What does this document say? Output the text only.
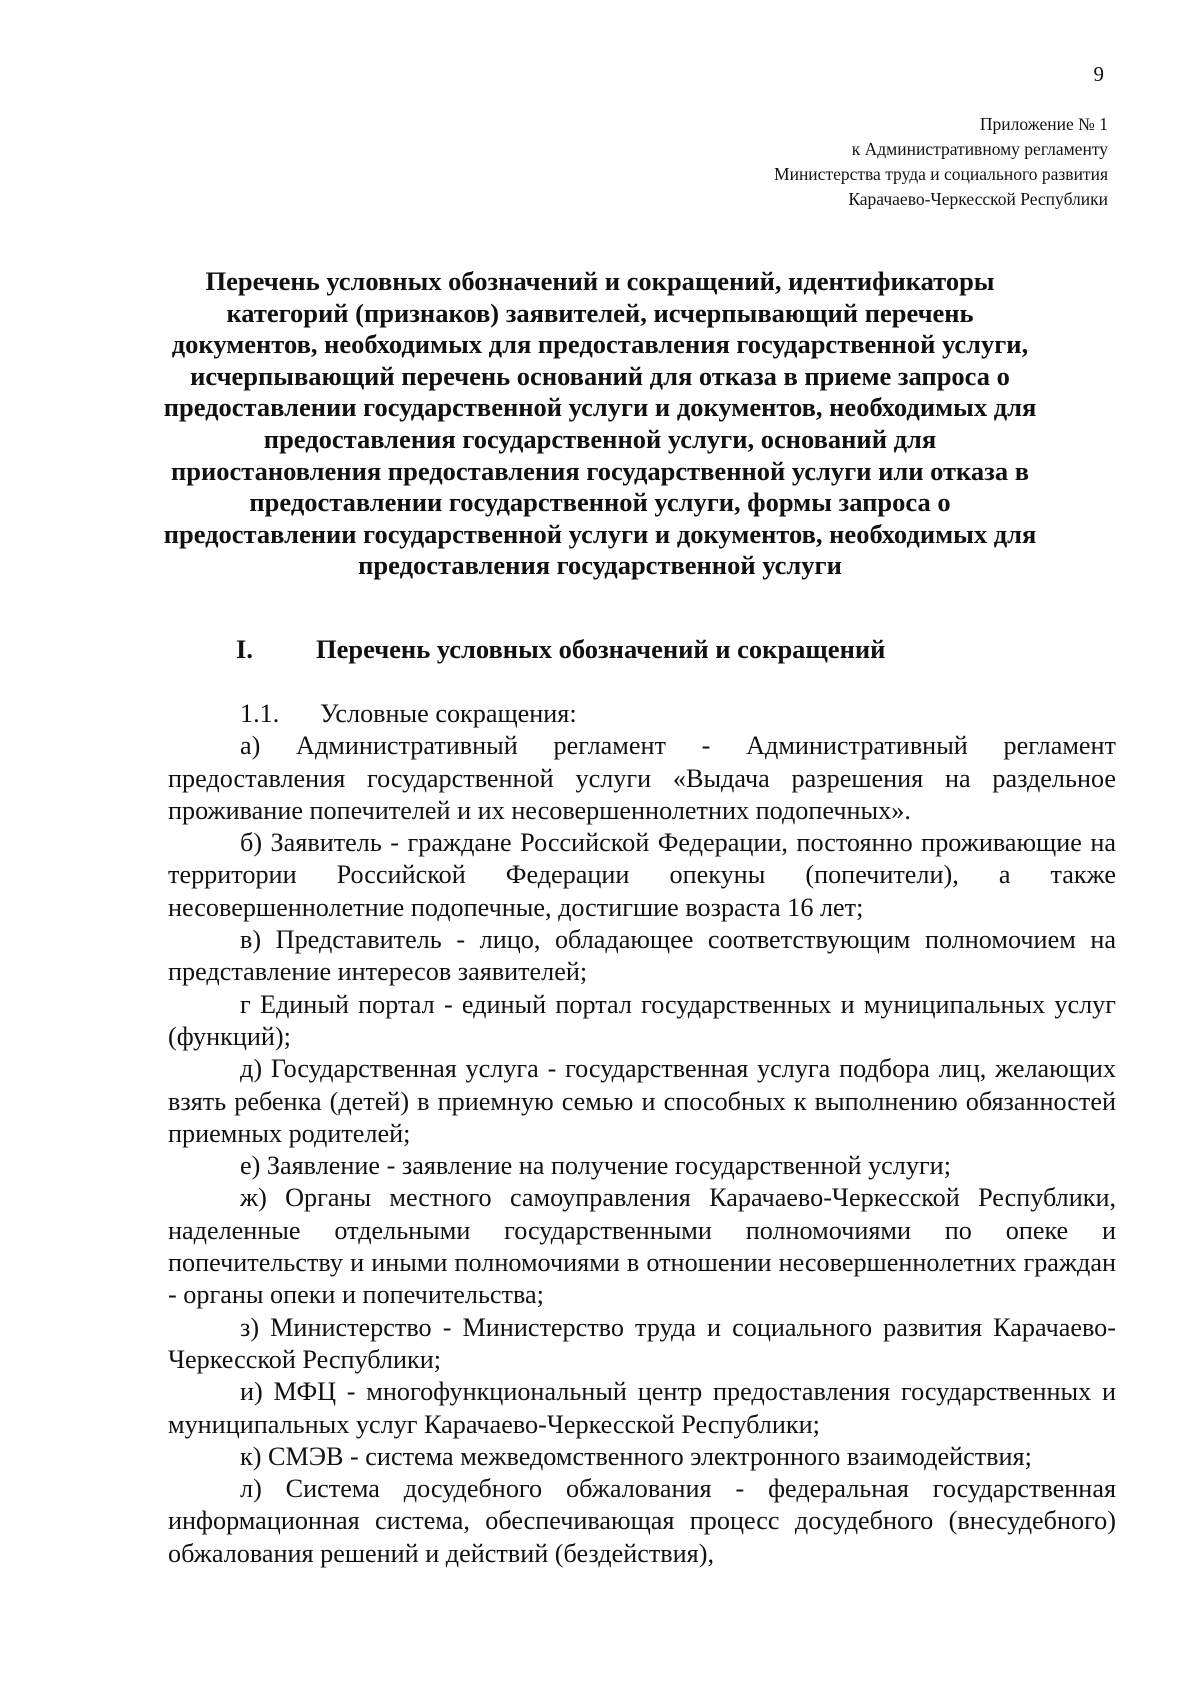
9
Приложение № 1
к Административному регламенту
Министерства труда и социального развития
Карачаево-Черкесской Республики
Перечень условных обозначений и сокращений, идентификаторы
категорий (признаков) заявителей, исчерпывающий перечень
документов, необходимых для предоставления государственной услуги,
исчерпывающий перечень оснований для отказа в приеме запроса о
предоставлении государственной услуги и документов, необходимых для
предоставления государственной услуги, оснований для
приостановления предоставления государственной услуги или отказа в
предоставлении государственной услуги, формы запроса о
предоставлении государственной услуги и документов, необходимых для
предоставления государственной услуги
I. Перечень условных обозначений и сокращений
1.1. Условные сокращения:

а) Административный регламент - Административный регламент предоставления государственной услуги «Выдача разрешения на раздельное проживание попечителей и их несовершеннолетних подопечных».

б) Заявитель - граждане Российской Федерации, постоянно проживающие на территории Российской Федерации опекуны (попечители), а также несовершеннолетние подопечные, достигшие возраста 16 лет;

в) Представитель - лицо, обладающее соответствующим полномочием на представление интересов заявителей;

г Единый портал - единый портал государственных и муниципальных услуг (функций);

д) Государственная услуга - государственная услуга подбора лиц, желающих взять ребенка (детей) в приемную семью и способных к выполнению обязанностей приемных родителей;

е) Заявление - заявление на получение государственной услуги;

ж) Органы местного самоуправления Карачаево-Черкесской Республики, наделенные отдельными государственными полномочиями по опеке и попечительству и иными полномочиями в отношении несовершеннолетних граждан - органы опеки и попечительства;

з) Министерство - Министерство труда и социального развития Карачаево- Черкесской Республики;

и) МФЦ - многофункциональный центр предоставления государственных и муниципальных услуг Карачаево-Черкесской Республики;

к) СМЭВ - система межведомственного электронного взаимодействия;

л) Система досудебного обжалования - федеральная государственная информационная система, обеспечивающая процесс досудебного (внесудебного) обжалования решений и действий (бездействия),
